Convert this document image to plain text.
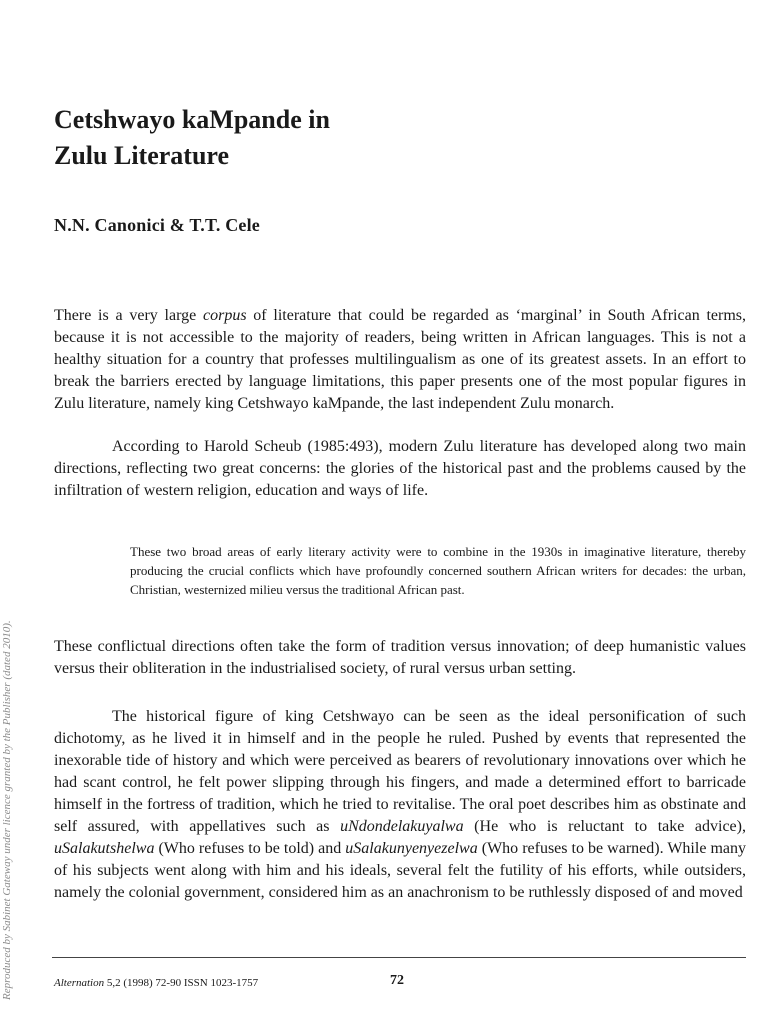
Cetshwayo kaMpande in
Zulu Literature

N.N. Canonici & T.T. Cele

There is a very large corpus of literature that could be regarded as ‘marginal’ in South African terms, because it is not accessible to the majority of readers, being written in African languages. This is not a healthy situation for a country that professes multilingualism as one of its greatest assets. In an effort to break the barriers erected by language limitations, this paper presents one of the most popular figures in Zulu literature, namely king Cetshwayo kaMpande, the last independent Zulu monarch.

According to Harold Scheub (1985:493), modern Zulu literature has developed along two main directions, reflecting two great concerns: the glories of the historical past and the problems caused by the infiltration of western religion, education and ways of life.

These two broad areas of early literary activity were to combine in the 1930s in imaginative literature, thereby producing the crucial conflicts which have profoundly concerned southern African writers for decades: the urban, Christian, westernized milieu versus the traditional African past.

These conflictual directions often take the form of tradition versus innovation; of deep humanistic values versus their obliteration in the industrialised society, of rural versus urban setting.

The historical figure of king Cetshwayo can be seen as the ideal personification of such dichotomy, as he lived it in himself and in the people he ruled. Pushed by events that represented the inexorable tide of history and which were perceived as bearers of revolutionary innovations over which he had scant control, he felt power slipping through his fingers, and made a determined effort to barricade himself in the fortress of tradition, which he tried to revitalise. The oral poet describes him as obstinate and self assured, with appellatives such as uNdondelakuyalwa (He who is reluctant to take advice), uSalakutshelwa (Who refuses to be told) and uSalakunyenyezelwa (Who refuses to be warned). While many of his subjects went along with him and his ideals, several felt the futility of his efforts, while outsiders, namely the colonial government, considered him as an anachronism to be ruthlessly disposed of and moved

Reproduced by Sabinet Gateway under licence granted by the Publisher (dated 2010).	Alternation 5,2 (1998) 72-90 ISSN 1023-1757	72
